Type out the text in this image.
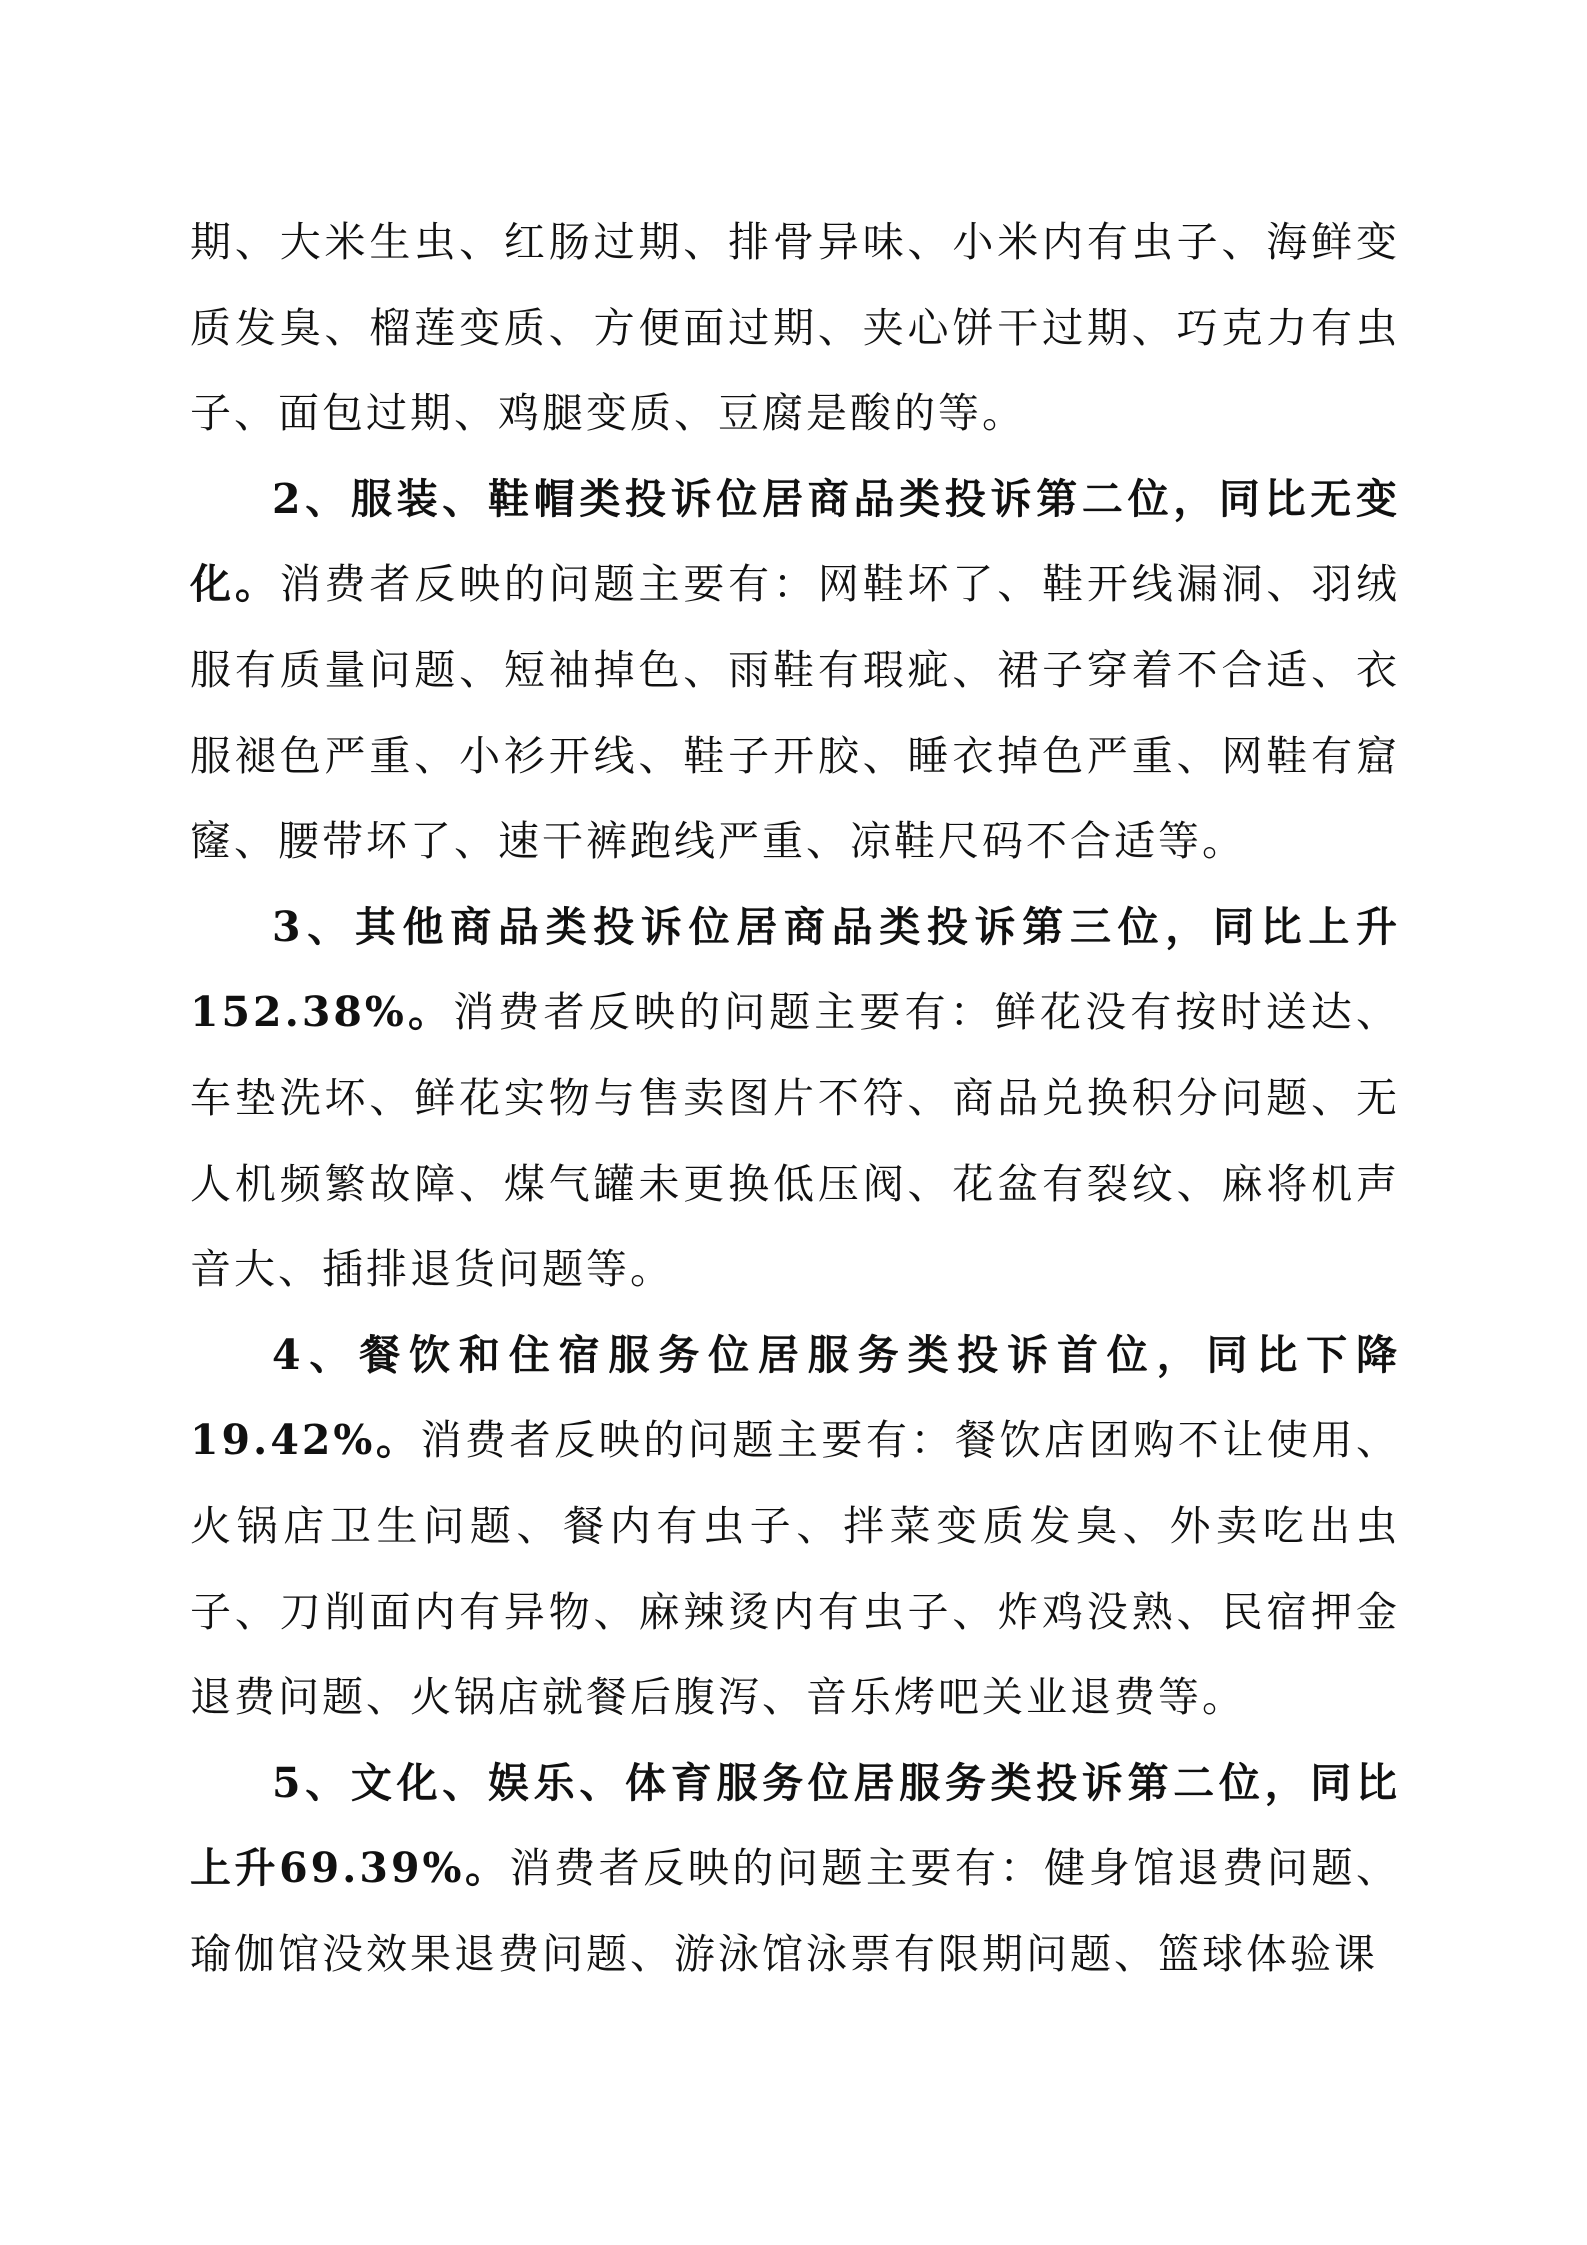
期、大米生虫、红肠过期、排骨异味、小米内有虫子、海鲜变质发臭、榴莲变质、方便面过期、夹心饼干过期、巧克力有虫子、面包过期、鸡腿变质、豆腐是酸的等。

2、服装、鞋帽类投诉位居商品类投诉第二位，同比无变化。消费者反映的问题主要有：网鞋坏了、鞋开线漏洞、羽绒服有质量问题、短袖掉色、雨鞋有瑕疵、裙子穿着不合适、衣服褪色严重、小衫开线、鞋子开胶、睡衣掉色严重、网鞋有窟窿、腰带坏了、速干裤跑线严重、凉鞋尺码不合适等。

3、其他商品类投诉位居商品类投诉第三位，同比上升152.38%。消费者反映的问题主要有：鲜花没有按时送达、车垫洗坏、鲜花实物与售卖图片不符、商品兑换积分问题、无人机频繁故障、煤气罐未更换低压阀、花盆有裂纹、麻将机声音大、插排退货问题等。

4、餐饮和住宿服务位居服务类投诉首位，同比下降19.42%。消费者反映的问题主要有：餐饮店团购不让使用、火锅店卫生问题、餐内有虫子、拌菜变质发臭、外卖吃出虫子、刀削面内有异物、麻辣烫内有虫子、炸鸡没熟、民宿押金退费问题、火锅店就餐后腹泻、音乐烤吧关业退费等。

5、文化、娱乐、体育服务位居服务类投诉第二位，同比上升69.39%。消费者反映的问题主要有：健身馆退费问题、瑜伽馆没效果退费问题、游泳馆泳票有限期问题、篮球体验课
